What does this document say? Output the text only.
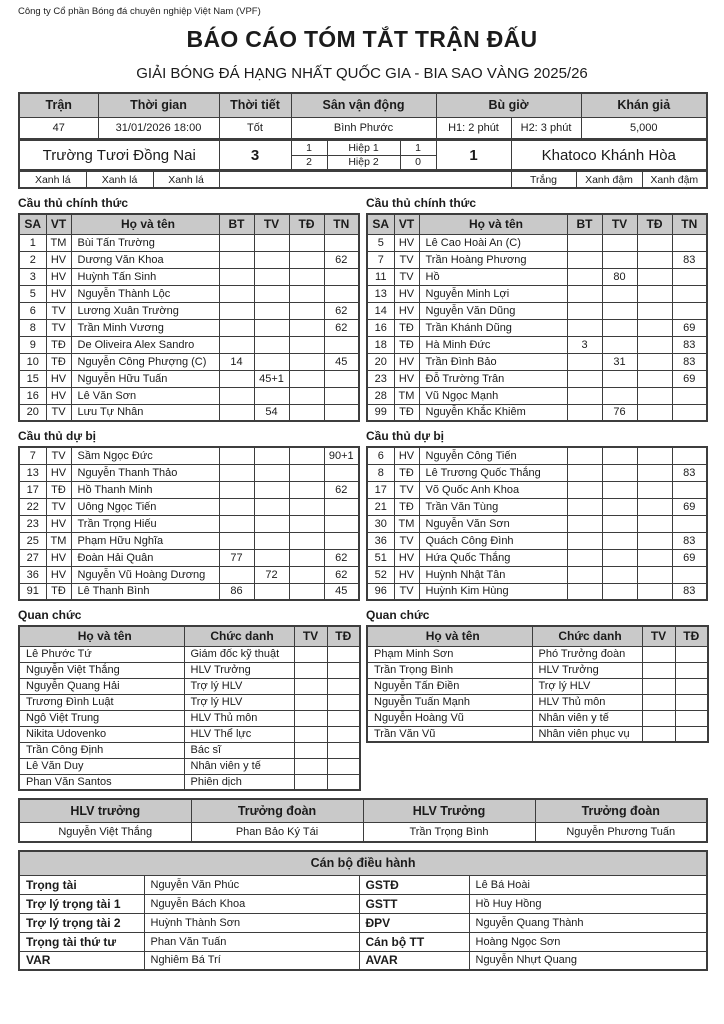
Công ty Cổ phần Bóng đá chuyên nghiệp Việt Nam (VPF)
BÁO CÁO TÓM TẮT TRẬN ĐẤU
GIẢI BÓNG ĐÁ HẠNG NHẤT QUỐC GIA - BIA SAO VÀNG 2025/26
Trận	Thời gian	Thời tiết	Sân vận động	Bù giờ		Khán giả
47	31/01/2026 18:00	Tốt	Bình Phước	H1: 2 phút	H2: 3 phút	5,000
Trường Tươi Đồng Nai	3	1	Hiệp 1	1	1	Khatoco Khánh Hòa
		2	Hiệp 2	0		
Xanh lá	Xanh lá	Xanh lá		Trắng	Xanh đậm	Xanh đậm
Cầu thủ chính thức
SA	VT	Họ và tên	BT	TV	TĐ	TN
1	TM	Bùi Tấn Trường				
2	HV	Dương Văn Khoa				62
3	HV	Huỳnh Tấn Sinh				
5	HV	Nguyễn Thành Lộc				
6	TV	Lương Xuân Trường				62
8	TV	Trần Minh Vương				62
9	TĐ	De Oliveira Alex Sandro				
10	TĐ	Nguyễn Công Phượng (C)	14			45
15	HV	Nguyễn Hữu Tuấn		45+1		
16	HV	Lê Văn Sơn				
20	TV	Lưu Tự Nhân		54		
Cầu thủ dự bị
7	TV	Sầm Ngọc Đức				90+1
13	HV	Nguyễn Thanh Thảo				
17	TĐ	Hồ Thanh Minh				62
22	TV	Uông Ngọc Tiến				
23	HV	Trần Trọng Hiếu				
25	TM	Phạm Hữu Nghĩa				
27	HV	Đoàn Hải Quân	77			62
36	HV	Nguyễn Vũ Hoàng Dương		72		62
91	TĐ	Lê Thanh Bình	86			45
Quan chức
Họ và tên	Chức danh	TV	TĐ
Lê Phước Tứ	Giám đốc kỹ thuật		
Nguyễn Việt Thắng	HLV Trưởng		
Nguyễn Quang Hải	Trợ lý HLV		
Trương Đình Luật	Trợ lý HLV		
Ngô Việt Trung	HLV Thủ môn		
Nikita Udovenko	HLV Thể lực		
Trần Công Định	Bác sĩ		
Lê Văn Duy	Nhân viên y tế		
Phan Văn Santos	Phiên dịch		
Cầu thủ chính thức
SA	VT	Họ và tên	BT	TV	TĐ	TN
5	HV	Lê Cao Hoài An (C)				
7	TV	Trần Hoàng Phương				83
11	TV	Hồ		80		
13	HV	Nguyễn Minh Lợi				
14	HV	Nguyễn Văn Dũng				
16	TĐ	Trần Khánh Dũng				69
18	TĐ	Hà Minh Đức	3			83
20	HV	Trần Đình Bảo		31		83
23	HV	Đỗ Trường Trân				69
28	TM	Vũ Ngọc Mạnh				
99	TĐ	Nguyễn Khắc Khiêm		76		
Cầu thủ dự bị
6	HV	Nguyễn Công Tiến				
8	TĐ	Lê Trương Quốc Thắng				83
17	TV	Võ Quốc Anh Khoa				
21	TĐ	Trần Văn Tùng				69
30	TM	Nguyễn Văn Sơn				
36	TV	Quách Công Đình				83
51	HV	Hứa Quốc Thắng				69
52	HV	Huỳnh Nhật Tân				
96	TV	Huỳnh Kim Hùng				83
Quan chức
Họ và tên	Chức danh	TV	TĐ
Phạm Minh Sơn	Phó Trưởng đoàn		
Trần Trọng Bình	HLV Trưởng		
Nguyễn Tấn Điền	Trợ lý HLV		
Nguyễn Tuấn Mạnh	HLV Thủ môn		
Nguyễn Hoàng Vũ	Nhân viên y tế		
Trần Văn Vũ	Nhân viên phục vụ		
HLV trưởng	Trưởng đoàn	HLV Trưởng	Trưởng đoàn
Nguyễn Việt Thắng	Phan Bảo Ký Tái	Trần Trọng Bình	Nguyễn Phương Tuấn
Cán bộ điều hành			
Trọng tài	Nguyễn Văn Phúc	GSTĐ	Lê Bá Hoài
Trợ lý trọng tài 1	Nguyễn Bách Khoa	GSTT	Hồ Huy Hồng
Trợ lý trọng tài 2	Huỳnh Thành Sơn	ĐPV	Nguyễn Quang Thành
Trọng tài thứ tư	Phan Văn Tuấn	Cán bộ TT	Hoàng Ngọc Sơn
VAR	Nghiêm Bá Trí	AVAR	Nguyễn Nhựt Quang
